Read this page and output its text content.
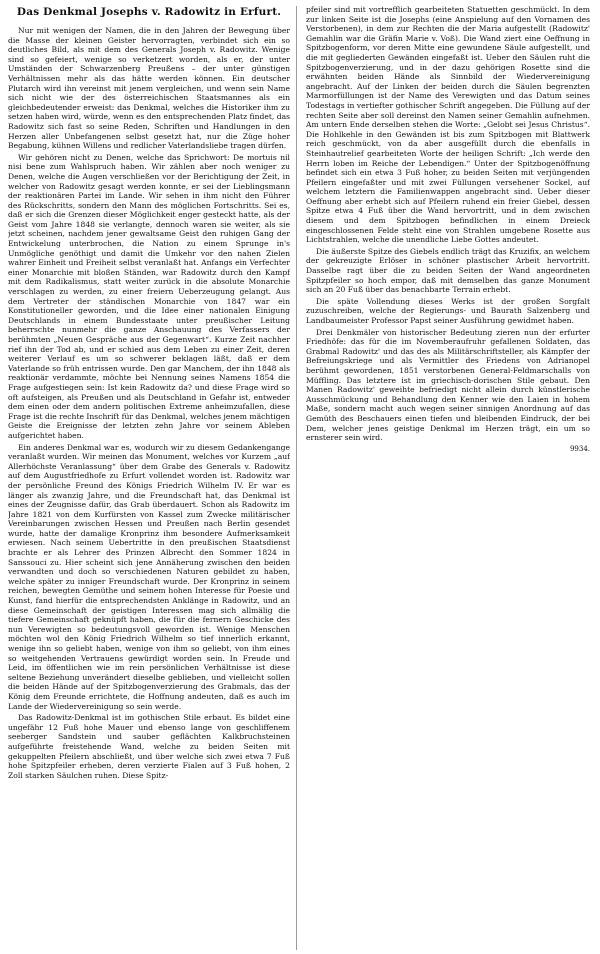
Das Denkmal Josephs v. Radowitz in Erfurt.

Nur mit wenigen der Namen, die in den Jahren der Bewegung über die Masse der kleinen Geister hervorragten, verbindet sich ein so deutliches Bild, als mit dem des Generals Joseph v. Radowitz. Wenige sind so gefeiert, wenige so verketzert worden, als er, der unter Umständen der Schwarzenberg Preußens – der unter günstigen Verhältnissen mehr als das hätte werden können. Ein deutscher Plutarch wird ihn vereinst mit jenem vergleichen, und wenn sein Name sich nicht wie der des österreichischen Staatsmannes als ein gleichbedeutender erweist: das Denkmal, welches die Historiker ihm zu setzen haben wird, würde, wenn es den entsprechenden Platz findet, das Radowitz sich fast so seine Reden, Schriften und Handlungen in den Herzen aller Unbefangenen selbst gesetzt hat, nur die Züge hoher Begabung, kühnen Willens und redlicher Vaterlandsliebe tragen dürfen.

Wir gehören nicht zu Denen, welche das Sprichwort: De mortuis nil nisi bene zum Wahlspruch haben. Wir zählen aber noch weniger zu Denen, welche die Augen verschließen vor der Berichtigung der Zeit, in welcher von Radowitz gesagt werden konnte, er sei der Lieblingsmann der reaktionären Partei im Lande. Wir sehen in ihm nicht den Führer des Rückschritts, sondern den Mann des möglichen Fortschritts. Sei es, daß er sich die Grenzen dieser Möglichkeit enger gesteckt hatte, als der Geist vom Jahre 1848 sie verlangte, dennoch waren sie weiter, als sie jetzt scheinen, nachdem jener gewaltsame Geist den ruhigen Gang der Entwickelung unterbrochen, die Nation zu einem Sprunge in's Unmögliche genöthigt und damit die Umkehr vor den nahen Zielen wahrer Einheit und Freiheit selbst veranlaßt hat. Anfangs ein Verfechter einer Monarchie mit bloßen Ständen, war Radowitz durch den Kampf mit dem Radikalismus, statt weiter zurück in die absolute Monarchie verschlagen zu werden, zu einer freiern Ueberzeugung gelangt. Aus dem Vertreter der ständischen Monarchie von 1847 war ein Konstitutioneller geworden, und die Idee einer nationalen Einigung Deutschlands in einem Bundesstaate unter preußischer Leitung beherrschte nunmehr die ganze Anschauung des Verfassers der berühmten „Neuen Gespräche aus der Gegenwart“. Kurze Zeit nachher rief ihn der Tod ab, und er schied aus dem Leben zu einer Zeit, deren weiterer Verlauf es um so schwerer beklagen läßt, daß er dem Vaterlande so früh entrissen wurde. Den gar Manchem, der ihn 1848 als reaktionär verdammte, möchte bei Nennung seines Namens 1854 die Frage aufgestiegen sein: Ist kein Radowitz da? und diese Frage wird so oft aufsteigen, als Preußen und als Deutschland in Gefahr ist, entweder dem einen oder dem andern politischen Extreme anheimzufallen, diese Frage ist die rechte Inschrift für das Denkmal, welches jenem mächtigen Geiste die Ereignisse der letzten zehn Jahre vor seinem Ableben aufgerichtet haben.

Ein anderes Denkmal war es, wodurch wir zu diesem Gedankengange veranlaßt wurden. Wir meinen das Monument, welches vor Kurzem „auf Allerhöchste Veranlassung“ über dem Grabe des Generals v. Radowitz auf dem Augustfriedhofe zu Erfurt vollendet worden ist. Radowitz war der persönliche Freund des Königs Friedrich Wilhelm IV. Er war es länger als zwanzig Jahre, und die Freundschaft hat, das Denkmal ist eines der Zeugnisse dafür, das Grab überdauert. Schon als Radowitz im Jahre 1821 von dem Kurfürsten von Kassel zum Zwecke militärischer Vereinbarungen zwischen Hessen und Preußen nach Berlin gesendet wurde, hatte der damalige Kronprinz ihm besondere Aufmerksamkeit erwiesen. Nach seinem Uebertritte in den preußischen Staatsdienst brachte er als Lehrer des Prinzen Albrecht den Sommer 1824 in Sanssouci zu. Hier scheint sich jene Annäherung zwischen den beiden verwandten und doch so verschiedenen Naturen gebildet zu haben, welche später zu inniger Freundschaft wurde. Der Kronprinz in seinem reichen, bewegten Gemüthe und seinem hohen Interesse für Poesie und Kunst, fand hierfür die entsprechendsten Anklänge in Radowitz, und an diese Gemeinschaft der geistigen Interessen mag sich allmälig die tiefere Gemeinschaft geknüpft haben, die für die fernern Geschicke des nun Verewigten so bedeutungsvoll geworden ist. Wenige Menschen möchten wol den König Friedrich Wilhelm so tief innerlich erkannt, wenige ihn so geliebt haben, wenige von ihm so geliebt, von ihm eines so weitgehenden Vertrauens gewürdigt worden sein. In Freude und Leid, im öffentlichen wie im rein persönlichen Verhältnisse ist diese seltene Beziehung unverändert dieselbe geblieben, und vielleicht sollen die beiden Hände auf der Spitzbogenverzierung des Grabmals, das der König dem Freunde errichtete, die Hoffnung andeuten, daß es auch im Lande der Wiedervereinigung so sein werde.

Das Radowitz-Denkmal ist im gothischen Stile erbaut. Es bildet eine ungefähr 12 Fuß hohe Mauer und ebenso lange von geschliffenem seeberger Sandstein und sauber geflächten Kalkbruchsteinen aufgeführte freistehende Wand, welche zu beiden Seiten mit gekuppelten Pfeilern abschließt, und über welche sich zwei etwa 7 Fuß hohe Spitzpfeiler erheben, deren verzierte Fialen auf 3 Fuß hohen, 2 Zoll starken Säulchen ruhen. Diese Spitz-

pfeiler sind mit vortrefflich gearbeiteten Statuetten geschmückt. In dem zur linken Seite ist die Josephs (eine Anspielung auf den Vornamen des Verstorbenen), in dem zur Rechten die der Maria aufgestellt (Radowitz' Gemahlin war die Gräfin Marie v. Voß). Die Wand ziert eine Oeffnung in Spitzbogenform, vor deren Mitte eine gewundene Säule aufgestellt, und die mit gegliederten Gewänden eingefaßt ist. Ueber den Säulen ruht die Spitzbogenverzierung, und in der dazu gehörigen Rosette sind die erwähnten beiden Hände als Sinnbild der Wiedervereinigung angebracht. Auf der Linken der beiden durch die Säulen begrenzten Marmorfüllungen ist der Name des Verewigten und das Datum seines Todestags in vertiefter gothischer Schrift angegeben. Die Füllung auf der rechten Seite aber soll dereinst den Namen seiner Gemahlin aufnehmen. Am untern Ende derselben stehen die Worte: „Gelobt sei Jesus Christus“. Die Hohlkehle in den Gewänden ist bis zum Spitzbogen mit Blattwerk reich geschmückt, von da aber ausgefüllt durch die ebenfalls in Steinhautrelief gearbeiteten Worte der heiligen Schrift: „Ich werde den Herrn loben im Reiche der Lebendigen.“ Unter der Spitzbogenöffnung befindet sich ein etwa 3 Fuß hoher, zu beiden Seiten mit verjüngenden Pfeilern eingefaßter und mit zwei Füllungen versehener Sockel, auf welchem letztern die Familienwappen angebracht sind. Ueber dieser Oeffnung aber erhebt sich auf Pfeilern ruhend ein freier Giebel, dessen Spitze etwa 4 Fuß über die Wand hervortritt, und in dem zwischen diesem und dem Spitzbogen befindlichen in einem Dreieck eingeschlossenen Felde steht eine von Strahlen umgebene Rosette aus Lichtstrahlen, welche die unendliche Liebe Gottes andeutet.

Die äußerste Spitze des Giebels endlich trägt das Kruzifix, an welchem der gekreuzigte Erlöser in schöner plastischer Arbeit hervortritt. Dasselbe ragt über die zu beiden Seiten der Wand angeordneten Spitzpfeiler so hoch empor, daß mit demselben das ganze Monument sich an 20 Fuß über das benachbarte Terrain erhebt.

Die späte Vollendung dieses Werks ist der großen Sorgfalt zuzuschreiben, welche der Regierungs- und Baurath Salzenberg und Landbaumeister Professor Papst seiner Ausführung gewidmet haben.

Drei Denkmäler von historischer Bedeutung zieren nun der erfurter Friedhöfe: das für die im Novemberaufruhr gefallenen Soldaten, das Grabmal Radowitz' und das des als Militärschriftsteller, als Kämpfer der Befreiungskriege und als Vermittler des Friedens von Adrianopel berühmt gewordenen, 1851 verstorbenen General-Feldmarschalls von Müffling. Das letztere ist im griechisch-dorischen Stile gebaut. Den Manen Radowitz' geweihte befriedigt nicht allein durch künstlerische Ausschmückung und Behandlung den Kenner wie den Laien in hohem Maße, sondern macht auch wegen seiner sinnigen Anordnung auf das Gemüth des Beschauers einen tiefen und bleibenden Eindruck, der bei Dem, welcher jenes geistige Denkmal im Herzen trägt, ein um so ernsterer sein wird.

9934.
